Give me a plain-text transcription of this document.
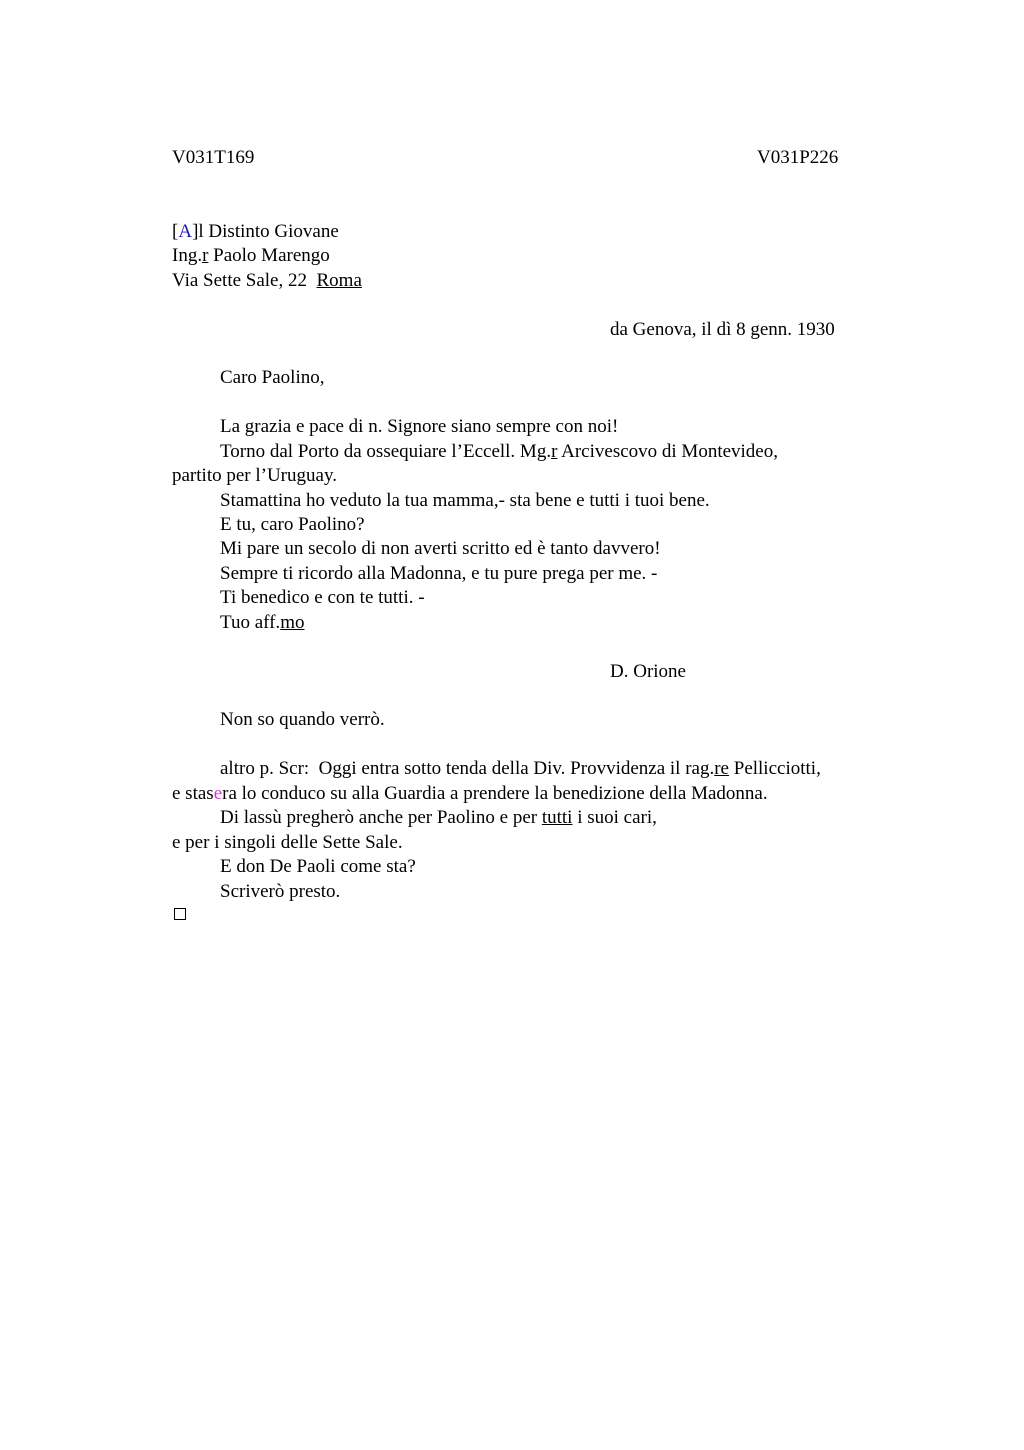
V031T169	V031P226
[A]l Distinto Giovane
Ing.r Paolo Marengo
Via Sette Sale, 22  Roma
da Genova, il dì 8 genn. 1930
Caro Paolino,
La grazia e pace di n. Signore siano sempre con noi!
Torno dal Porto da ossequiare l’Eccell. Mg.r Arcivescovo di Montevideo,
partito per l’Uruguay.
Stamattina ho veduto la tua mamma,- sta bene e tutti i tuoi bene.
E tu, caro Paolino?
Mi pare un secolo di non averti scritto ed è tanto davvero!
Sempre ti ricordo alla Madonna, e tu pure prega per me. -
Ti benedico e con te tutti. -
Tuo aff.mo
D. Orione
Non so quando verrò.
altro p. Scr:  Oggi entra sotto tenda della Div. Provvidenza il rag.re Pellicciotti,
e stasera lo conduco su alla Guardia a prendere la benedizione della Madonna.
Di lassù pregherò anche per Paolino e per tutti i suoi cari,
e per i singoli delle Sette Sale.
E don De Paoli come sta?
Scriverò presto.
